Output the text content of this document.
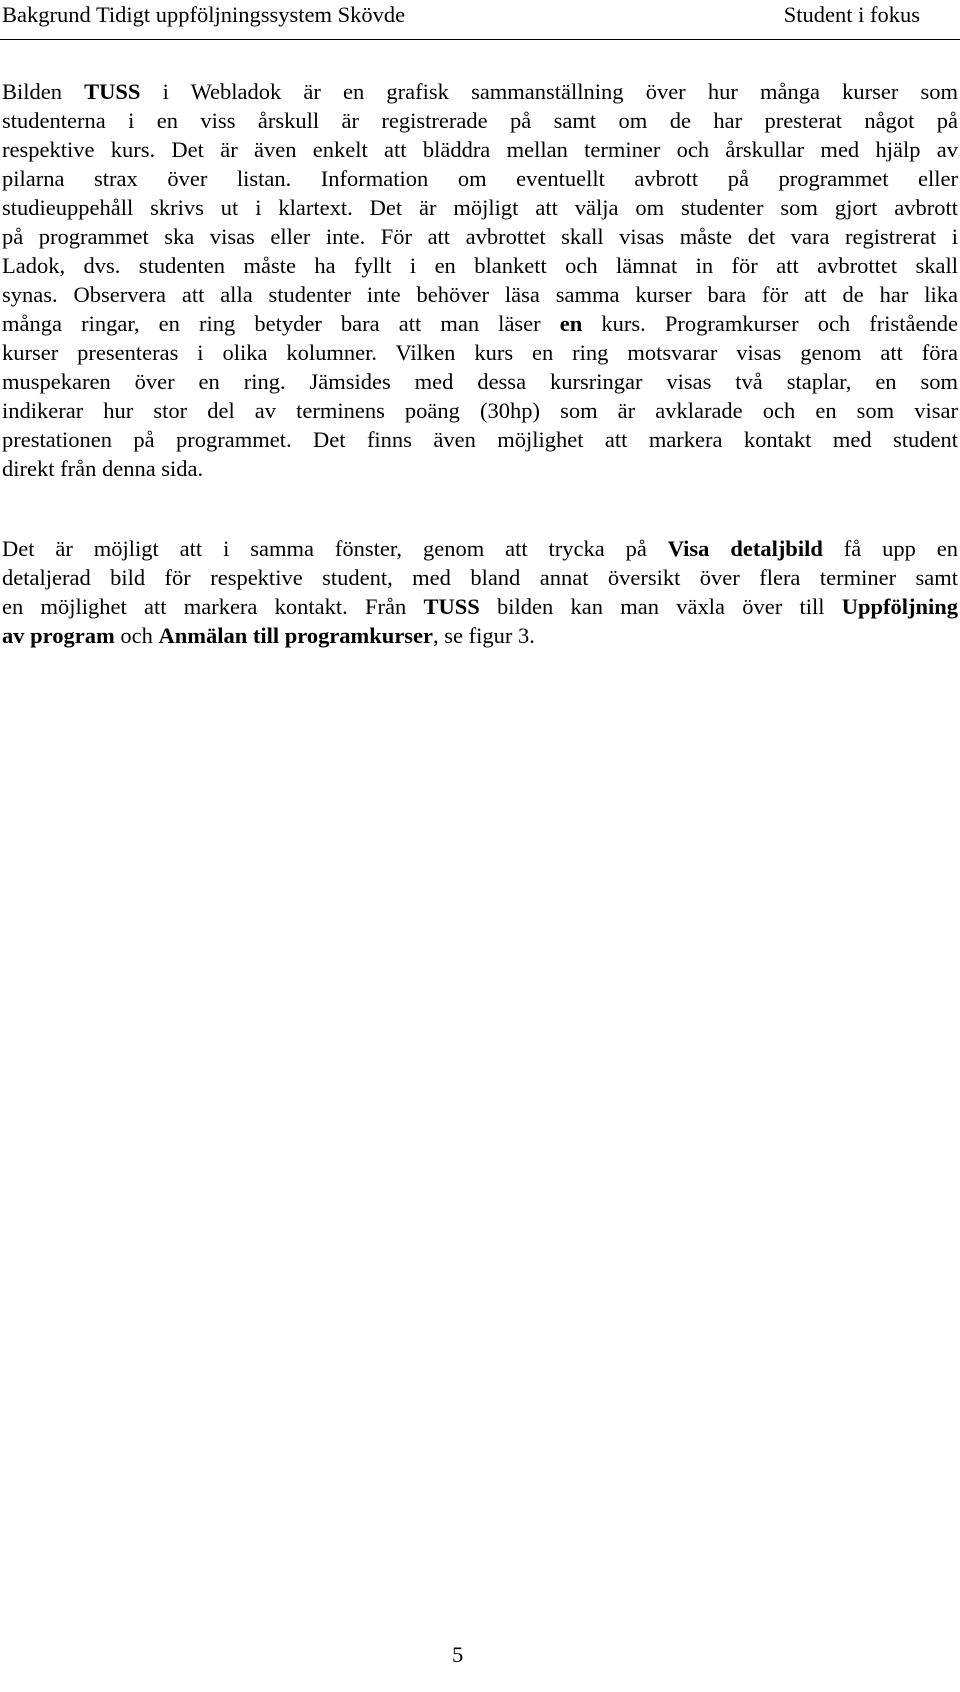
Bakgrund Tidigt uppföljningssystem Skövde	Student i fokus

Bilden TUSS i Webladok är en grafisk sammanställning över hur många kurser som
studenterna i en viss årskull är registrerade på samt om de har presterat något på
respektive kurs. Det är även enkelt att bläddra mellan terminer och årskullar med hjälp av
pilarna strax över listan. Information om eventuellt avbrott på programmet eller
studieuppehåll skrivs ut i klartext. Det är möjligt att välja om studenter som gjort avbrott
på programmet ska visas eller inte. För att avbrottet skall visas måste det vara registrerat i
Ladok, dvs. studenten måste ha fyllt i en blankett och lämnat in för att avbrottet skall
synas. Observera att alla studenter inte behöver läsa samma kurser bara för att de har lika
många ringar, en ring betyder bara att man läser en kurs. Programkurser och fristående
kurser presenteras i olika kolumner. Vilken kurs en ring motsvarar visas genom att föra
muspekaren över en ring. Jämsides med dessa kursringar visas två staplar, en som
indikerar hur stor del av terminens poäng (30hp) som är avklarade och en som visar
prestationen på programmet. Det finns även möjlighet att markera kontakt med student
direkt från denna sida.

Det är möjligt att i samma fönster, genom att trycka på Visa detaljbild få upp en
detaljerad bild för respektive student, med bland annat översikt över flera terminer samt
en möjlighet att markera kontakt. Från TUSS bilden kan man växla över till Uppföljning
av program och Anmälan till programkurser, se figur 3.

5
